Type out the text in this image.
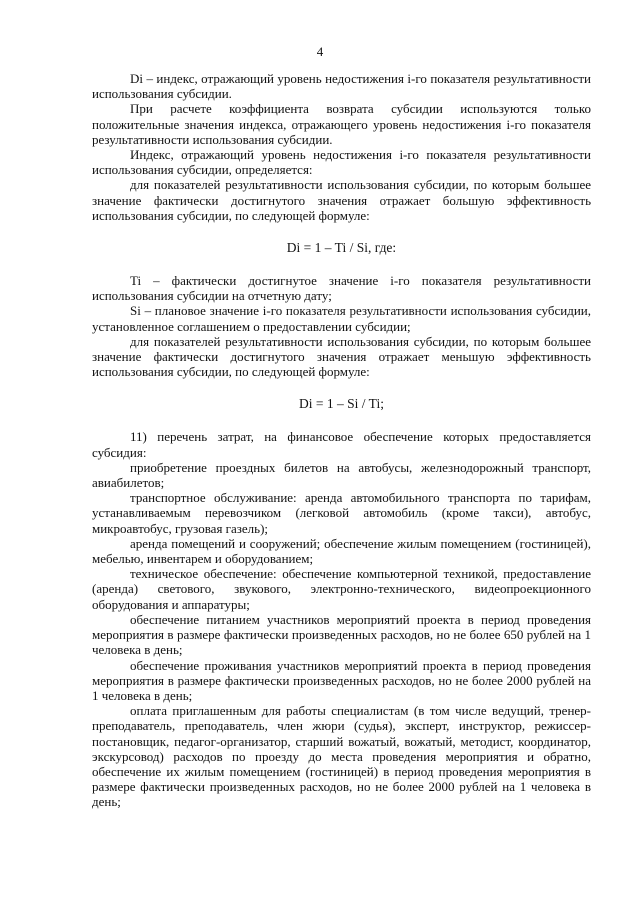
4

Di – индекс, отражающий уровень недостижения i-го показателя результативности использования субсидии.

При расчете коэффициента возврата субсидии используются только положительные значения индекса, отражающего уровень недостижения i-го показателя результативности использования субсидии.

Индекс, отражающий уровень недостижения i-го показателя результативности использования субсидии, определяется:

для показателей результативности использования субсидии, по которым большее значение фактически достигнутого значения отражает большую эффективность использования субсидии, по следующей формуле:

Di = 1 – Ti / Si, где:

Ti – фактически достигнутое значение i-го показателя результативности использования субсидии на отчетную дату;

Si – плановое значение i-го показателя результативности использования субсидии, установленное соглашением о предоставлении субсидии;

для показателей результативности использования субсидии, по которым большее значение фактически достигнутого значения отражает меньшую эффективность использования субсидии, по следующей формуле:

Di = 1 – Si / Ti;

11) перечень затрат, на финансовое обеспечение которых предоставляется субсидия:

приобретение проездных билетов на автобусы, железнодорожный транспорт, авиабилетов;

транспортное обслуживание: аренда автомобильного транспорта по тарифам, устанавливаемым перевозчиком (легковой автомобиль (кроме такси), автобус, микроавтобус, грузовая газель);

аренда помещений и сооружений; обеспечение жилым помещением (гостиницей), мебелью, инвентарем и оборудованием;

техническое обеспечение: обеспечение компьютерной техникой, предоставление (аренда) светового, звукового, электронно-технического, видеопроекционного оборудования и аппаратуры;

обеспечение питанием участников мероприятий проекта в период проведения мероприятия в размере фактически произведенных расходов, но не более 650 рублей на 1 человека в день;

обеспечение проживания участников мероприятий проекта в период проведения мероприятия в размере фактически произведенных расходов, но не более 2000 рублей на 1 человека в день;

оплата приглашенным для работы специалистам (в том числе ведущий, тренер-преподаватель, преподаватель, член жюри (судья), эксперт, инструктор, режиссер-постановщик, педагог-организатор, старший вожатый, вожатый, методист, координатор, экскурсовод) расходов по проезду до места проведения мероприятия и обратно, обеспечение их жилым помещением (гостиницей) в период проведения мероприятия в размере фактически произведенных расходов, но не более 2000 рублей на 1 человека в день;
